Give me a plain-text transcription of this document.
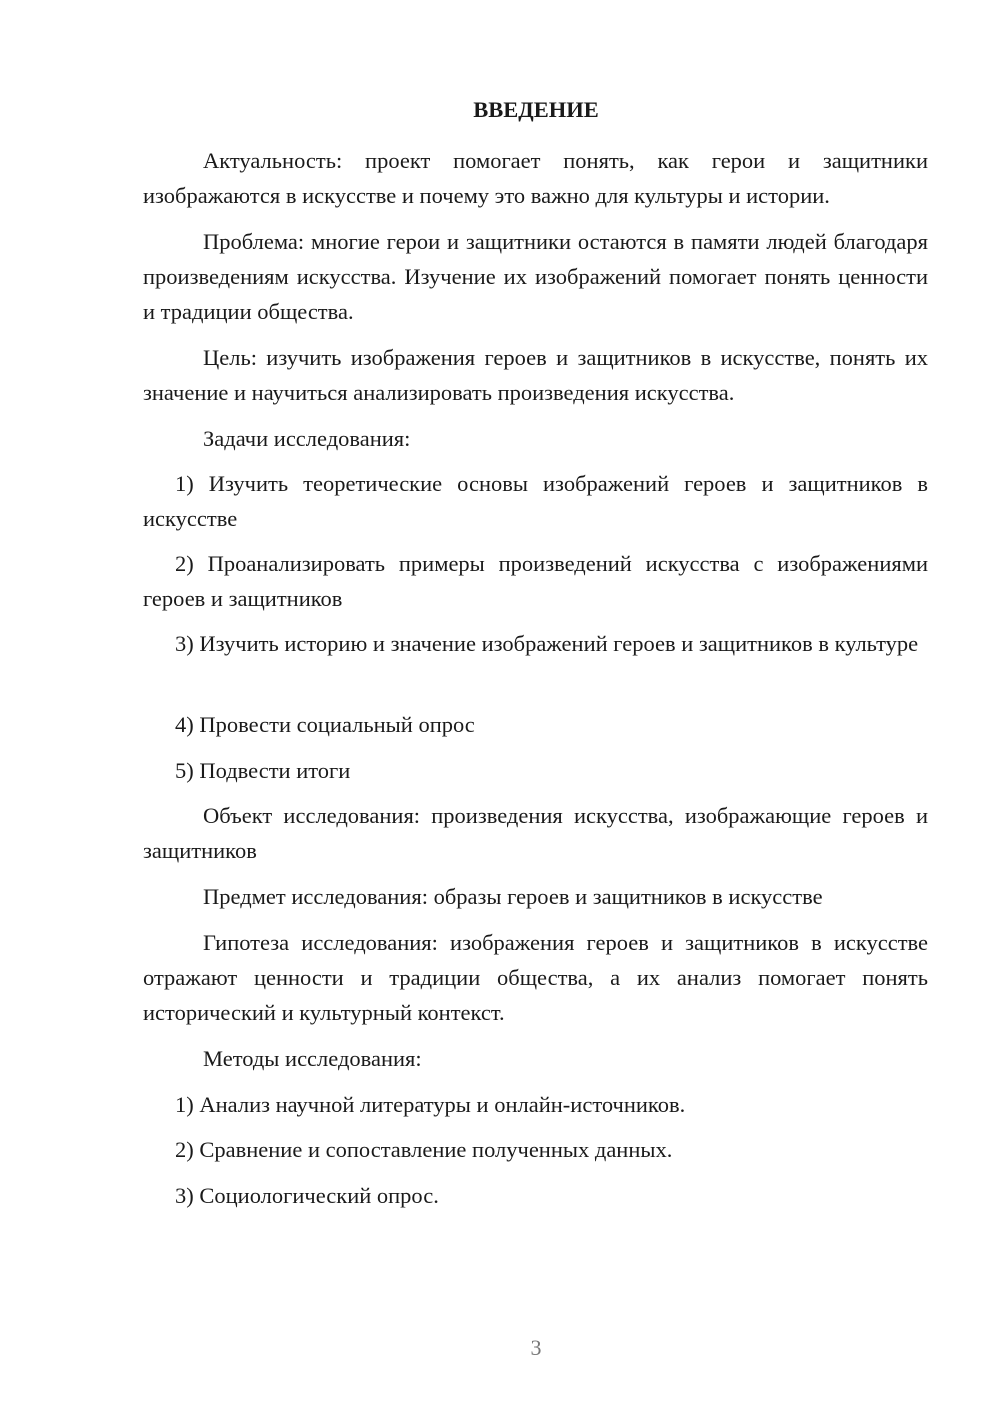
ВВЕДЕНИЕ

Актуальность: проект помогает понять, как герои и защитники изображаются в искусстве и почему это важно для культуры и истории.

Проблема: многие герои и защитники остаются в памяти людей благодаря произведениям искусства. Изучение их изображений помогает понять ценности и традиции общества.

Цель: изучить изображения героев и защитников в искусстве, понять их значение и научиться анализировать произведения искусства.

Задачи исследования:

1) Изучить теоретические основы изображений героев и защитников в искусстве

2) Проанализировать примеры произведений искусства с изображениями героев и защитников

3) Изучить историю и значение изображений героев и защитников в культуре

4) Провести социальный опрос

5) Подвести итоги

Объект исследования: произведения искусства, изображающие героев и защитников

Предмет исследования: образы героев и защитников в искусстве

Гипотеза исследования: изображения героев и защитников в искусстве отражают ценности и традиции общества, а их анализ помогает понять исторический и культурный контекст.

Методы исследования:

1) Анализ научной литературы и онлайн-источников.

2) Сравнение и сопоставление полученных данных.

3) Социологический опрос.

3
